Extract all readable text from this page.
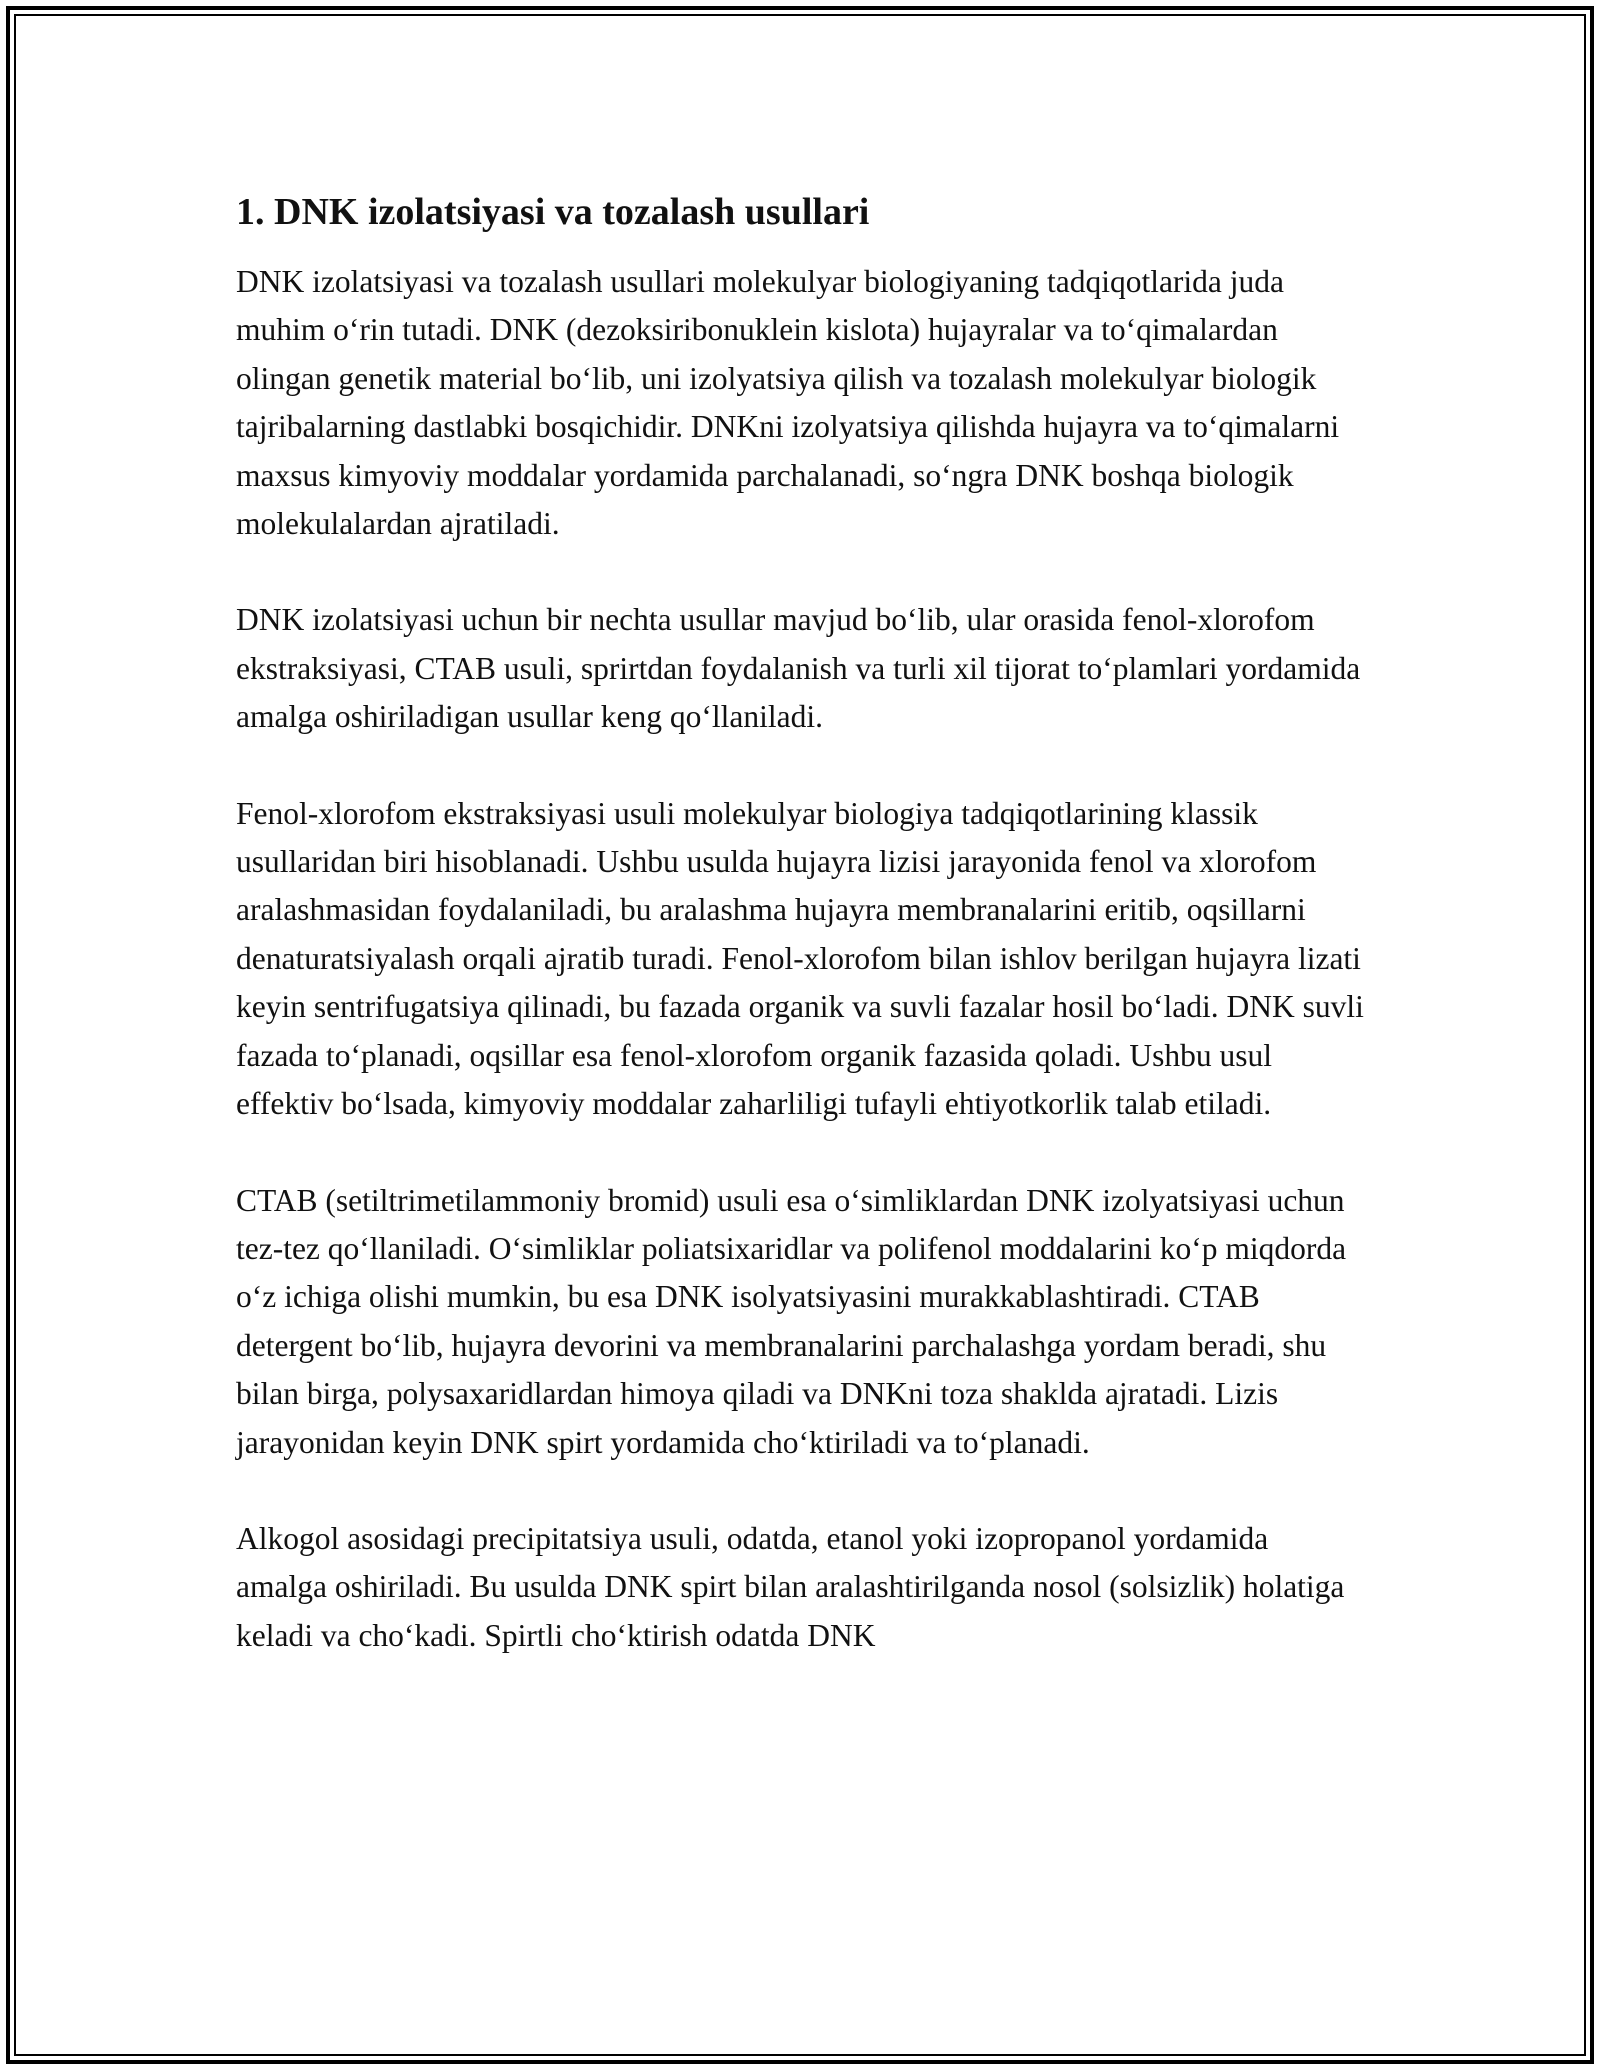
1. DNK izolatsiyasi va tozalash usullari

DNK izolatsiyasi va tozalash usullari molekulyar biologiyaning tadqiqotlarida juda muhim o‘rin tutadi. DNK (dezoksiribonuklein kislota) hujayralar va to‘qimalardan olingan genetik material bo‘lib, uni izolyatsiya qilish va tozalash molekulyar biologik tajribalarning dastlabki bosqichidir. DNKni izolyatsiya qilishda hujayra va to‘qimalarni maxsus kimyoviy moddalar yordamida parchalanadi, so‘ngra DNK boshqa biologik molekulalardan ajratiladi.

DNK izolatsiyasi uchun bir nechta usullar mavjud bo‘lib, ular orasida fenol-xlorofom ekstraksiyasi, CTAB usuli, sprirtdan foydalanish va turli xil tijorat to‘plamlari yordamida amalga oshiriladigan usullar keng qo‘llaniladi.

Fenol-xlorofom ekstraksiyasi usuli molekulyar biologiya tadqiqotlarining klassik usullaridan biri hisoblanadi. Ushbu usulda hujayra lizisi jarayonida fenol va xlorofom aralashmasidan foydalaniladi, bu aralashma hujayra membranalarini eritib, oqsillarni denaturatsiyalash orqali ajratib turadi. Fenol-xlorofom bilan ishlov berilgan hujayra lizati keyin sentrifugatsiya qilinadi, bu fazada organik va suvli fazalar hosil bo‘ladi. DNK suvli fazada to‘planadi, oqsillar esa fenol-xlorofom organik fazasida qoladi. Ushbu usul effektiv bo‘lsada, kimyoviy moddalar zaharliligi tufayli ehtiyotkorlik talab etiladi.

CTAB (setiltrimetilammoniy bromid) usuli esa o‘simliklardan DNK izolyatsiyasi uchun tez-tez qo‘llaniladi. O‘simliklar poliatsixaridlar va polifenol moddalarini ko‘p miqdorda o‘z ichiga olishi mumkin, bu esa DNK isolyatsiyasini murakkablashtiradi. CTAB detergent bo‘lib, hujayra devorini va membranalarini parchalashga yordam beradi, shu bilan birga, polysaxaridlardan himoya qiladi va DNKni toza shaklda ajratadi. Lizis jarayonidan keyin DNK spirt yordamida cho‘ktiriladi va to‘planadi.

Alkogol asosidagi precipitatsiya usuli, odatda, etanol yoki izopropanol yordamida amalga oshiriladi. Bu usulda DNK spirt bilan aralashtirilganda nosol (solsizlik) holatiga keladi va cho‘kadi. Spirtli cho‘ktirish odatda DNK
